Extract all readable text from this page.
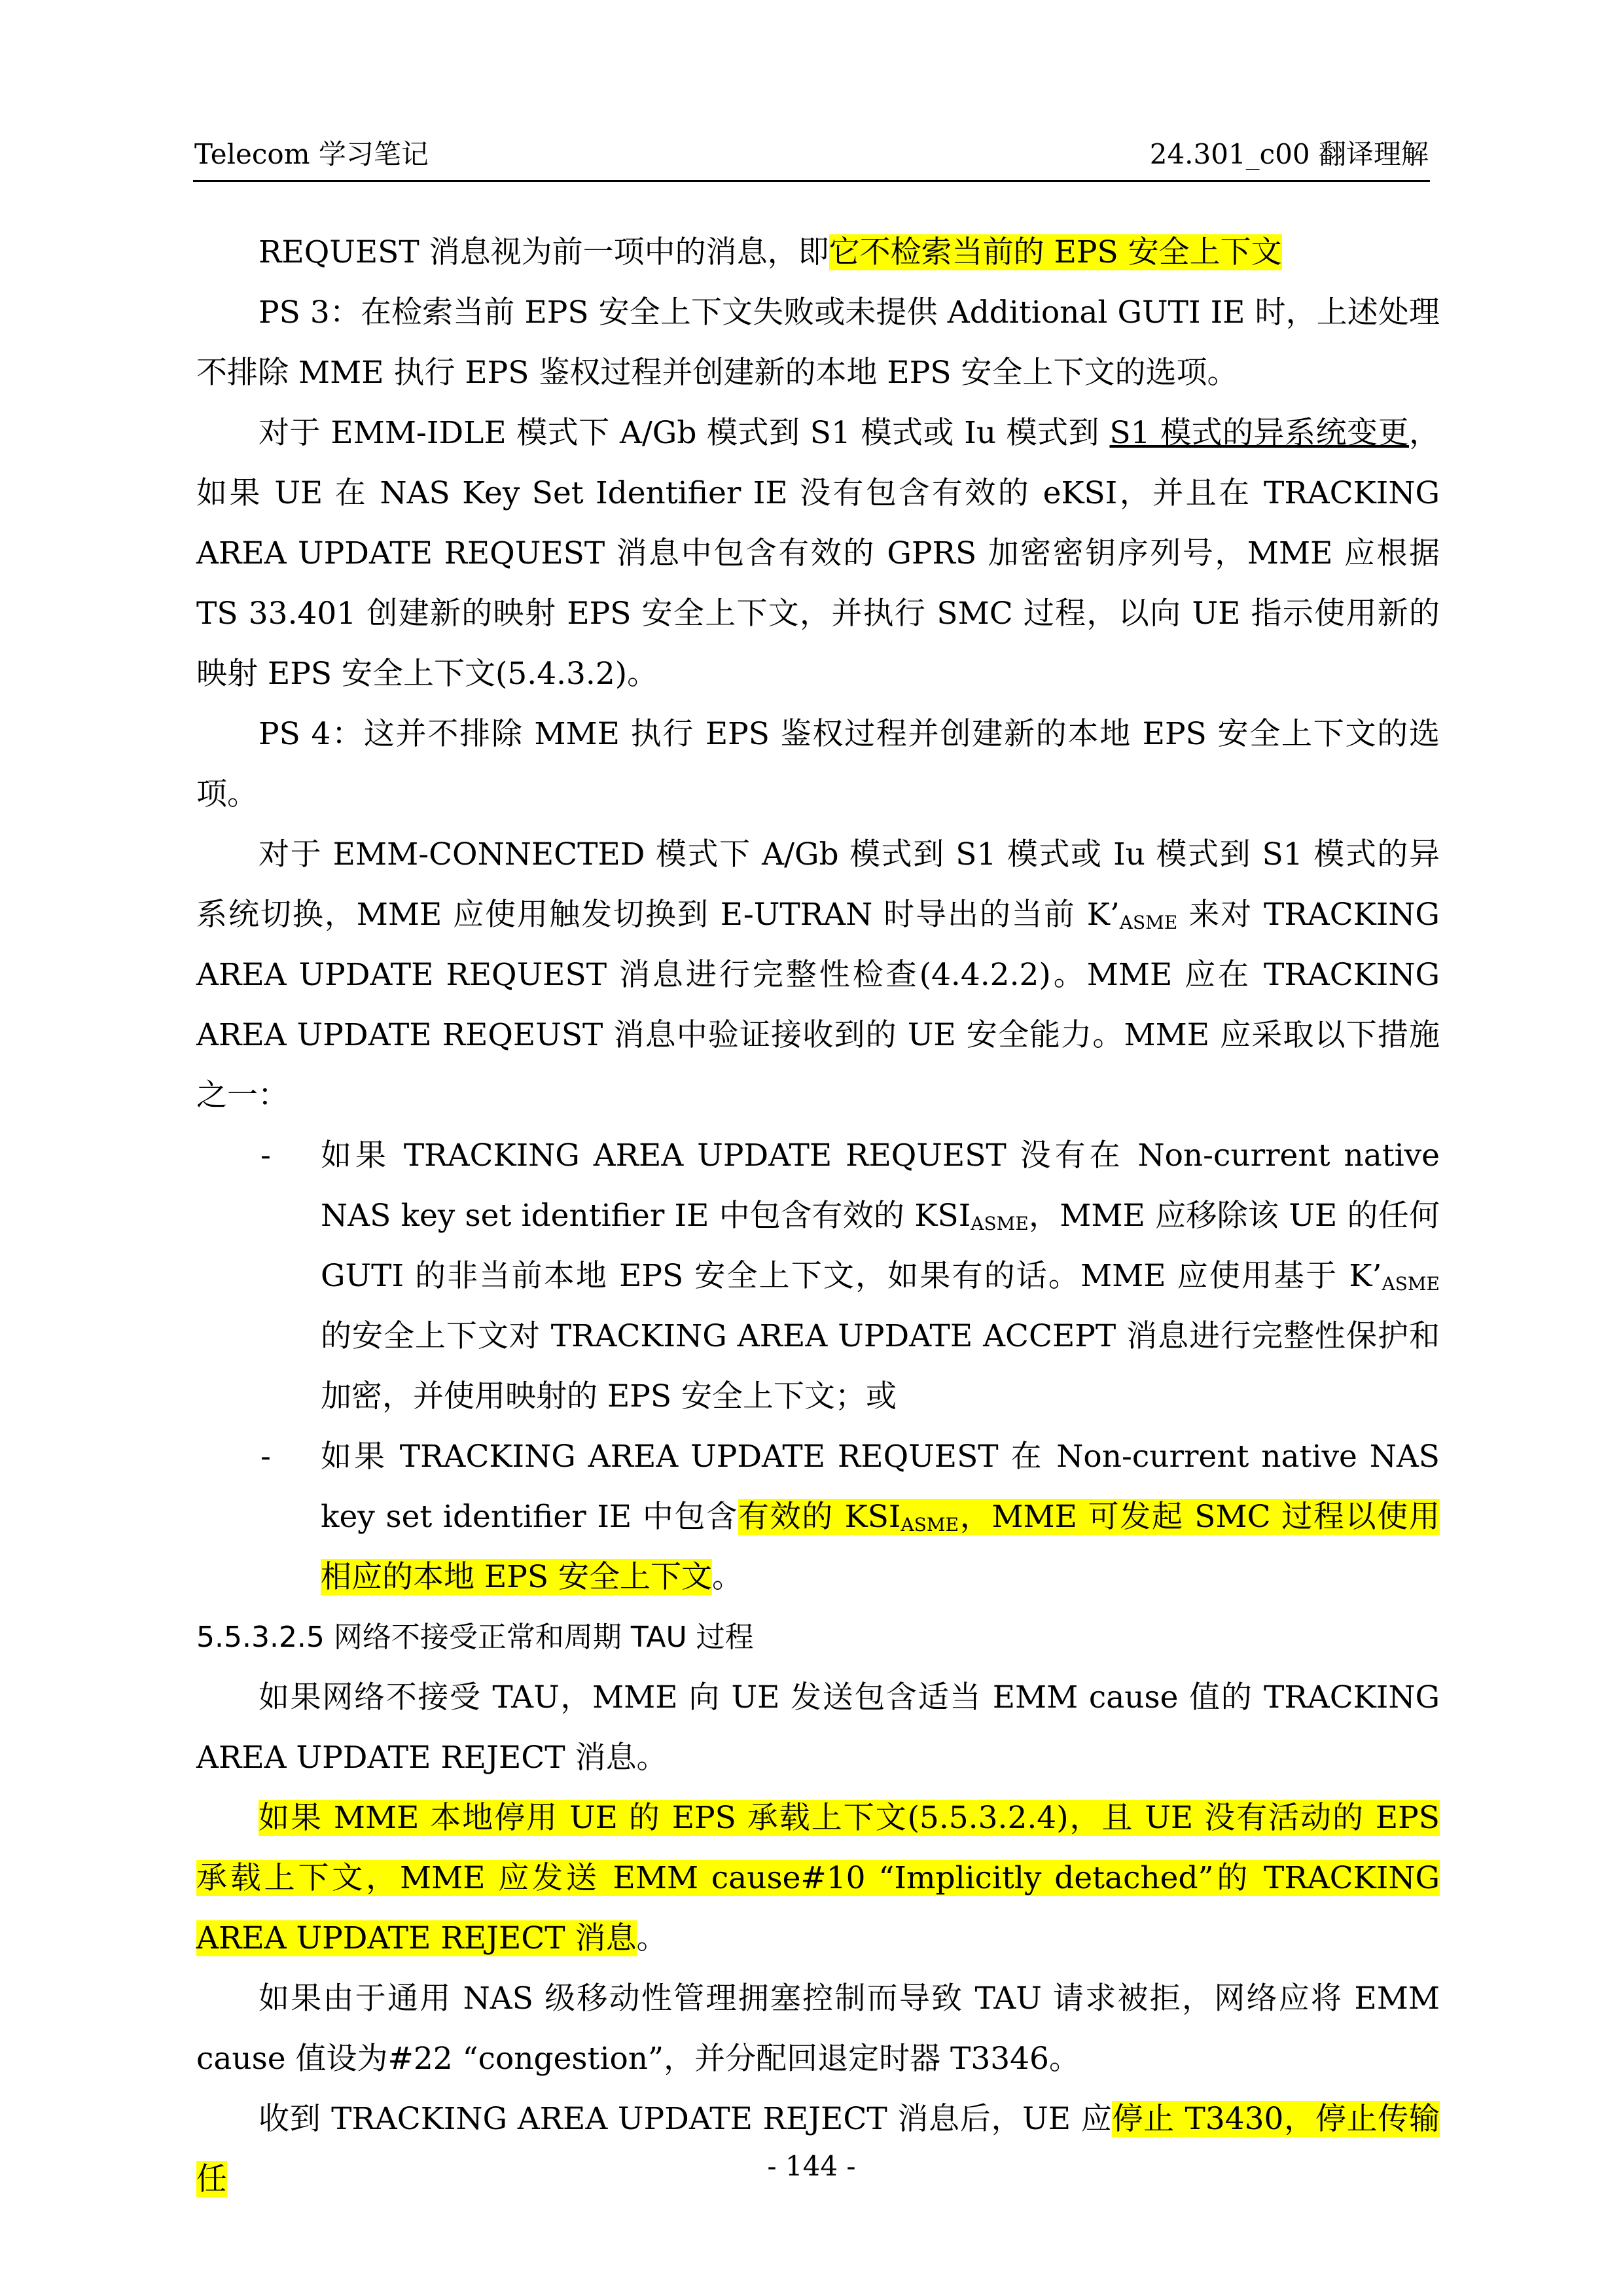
Telecom 学习笔记	24.301_c00 翻译理解

REQUEST 消息视为前一项中的消息，即它不检索当前的 EPS 安全上下文

PS 3：在检索当前 EPS 安全上下文失败或未提供 Additional GUTI IE 时，上述处理不排除 MME 执行 EPS 鉴权过程并创建新的本地 EPS 安全上下文的选项。

对于 EMM-IDLE 模式下 A/Gb 模式到 S1 模式或 Iu 模式到 S1 模式的异系统变更，如果 UE 在 NAS Key Set Identifier IE 没有包含有效的 eKSI，并且在 TRACKING AREA UPDATE REQUEST 消息中包含有效的 GPRS 加密密钥序列号，MME 应根据 TS 33.401 创建新的映射 EPS 安全上下文，并执行 SMC 过程，以向 UE 指示使用新的映射 EPS 安全上下文(5.4.3.2)。

PS 4：这并不排除 MME 执行 EPS 鉴权过程并创建新的本地 EPS 安全上下文的选项。

对于 EMM-CONNECTED 模式下 A/Gb 模式到 S1 模式或 Iu 模式到 S1 模式的异系统切换，MME 应使用触发切换到 E-UTRAN 时导出的当前 $K’_{ASME}$ 来对 TRACKING AREA UPDATE REQUEST 消息进行完整性检查(4.4.2.2)。MME 应在 TRACKING AREA UPDATE REQEUST 消息中验证接收到的 UE 安全能力。MME 应采取以下措施之一：

- 如果 TRACKING AREA UPDATE REQUEST 没有在 Non-current native NAS key set identifier IE 中包含有效的 $KSI_{ASME}$，MME 应移除该 UE 的任何 GUTI 的非当前本地 EPS 安全上下文，如果有的话。MME 应使用基于 $K’_{ASME}$ 的安全上下文对 TRACKING AREA UPDATE ACCEPT 消息进行完整性保护和加密，并使用映射的 EPS 安全上下文；或

- 如果 TRACKING AREA UPDATE REQUEST 在 Non-current native NAS key set identifier IE 中包含有效的 $KSI_{ASME}$，MME 可发起 SMC 过程以使用相应的本地 EPS 安全上下文。

5.5.3.2.5 网络不接受正常和周期 TAU 过程

如果网络不接受 TAU，MME 向 UE 发送包含适当 EMM cause 值的 TRACKING AREA UPDATE REJECT 消息。

如果 MME 本地停用 UE 的 EPS 承载上下文(5.5.3.2.4)，且 UE 没有活动的 EPS 承载上下文，MME 应发送 EMM cause#10 “Implicitly detached”的 TRACKING AREA UPDATE REJECT 消息。

如果由于通用 NAS 级移动性管理拥塞控制而导致 TAU 请求被拒，网络应将 EMM cause 值设为#22 “congestion”，并分配回退定时器 T3346。

收到 TRACKING AREA UPDATE REJECT 消息后，UE 应停止 T3430，停止传输任	- 144 -
